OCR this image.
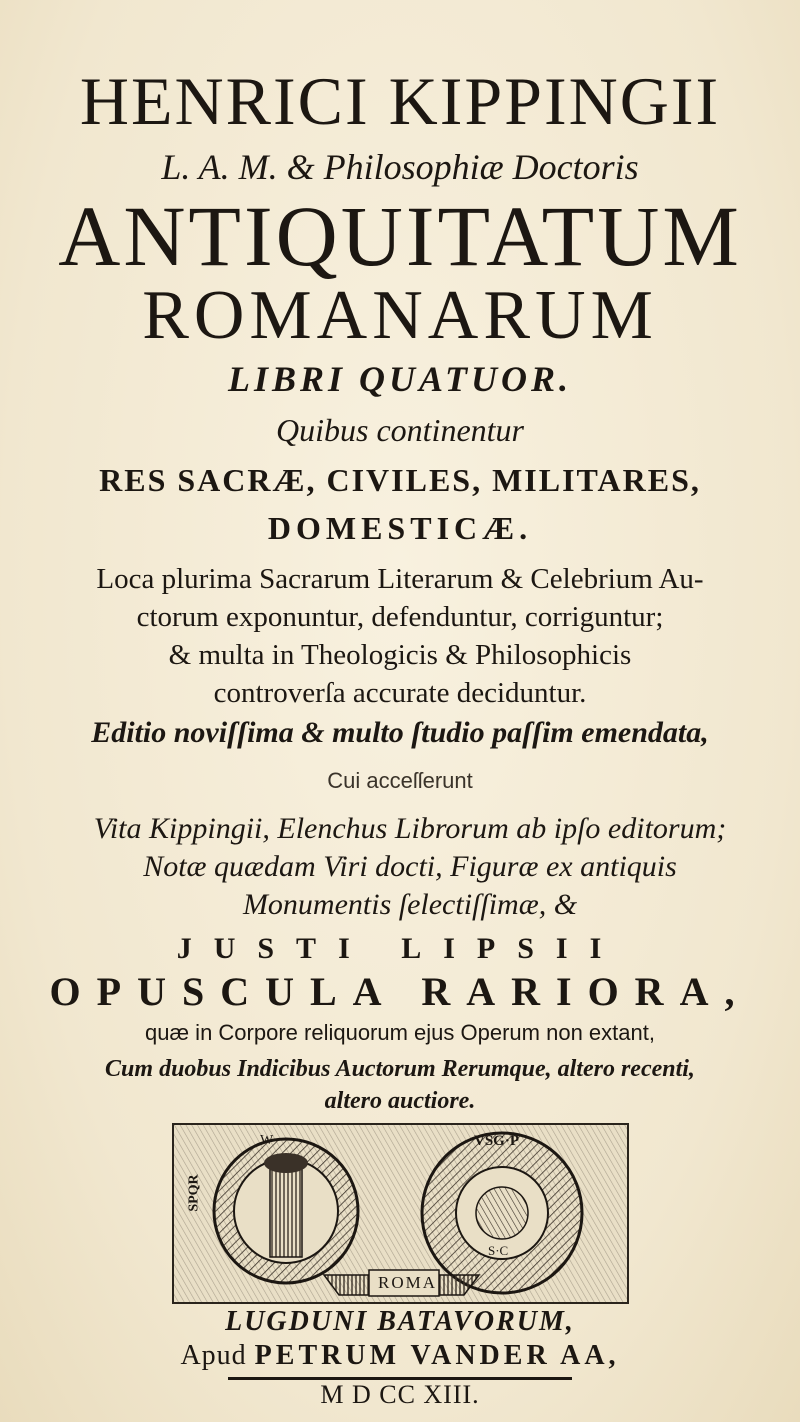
HENRICI KIPPINGII
L. A. M. & Philosophiæ Doctoris
ANTIQUITATUM
ROMANARUM
LIBRI QUATUOR.
Quibus continentur
RES SACRÆ, CIVILES, MILITARES,
DOMESTICÆ.
Loca plurima Sacrarum Literarum & Celebrium Au-
ctorum exponuntur, defenduntur, corriguntur;
& multa in Theologicis & Philosophicis
controverſa accurate deciduntur.
Editio noviſſima & multo ſtudio paſſim emendata,
Cui acceſſerunt
Vita Kippingii, Elenchus Librorum ab ipſo editorum;
Notæ quædam Viri docti, Figuræ ex antiquis
Monumentis ſelectiſſimæ, &
JUSTI LIPSII
OPUSCULA RARIORA,
quæ in Corpore reliquorum ejus Operum non extant,
Cum duobus Indicibus Auctorum Rerumque, altero recenti,
altero auctiore.
W	VSG·P
SPQR
S·C
ROMA
LUGDUNI BATAVORUM,
Apud PETRUM VANDER AA,
M D CC XIII.
